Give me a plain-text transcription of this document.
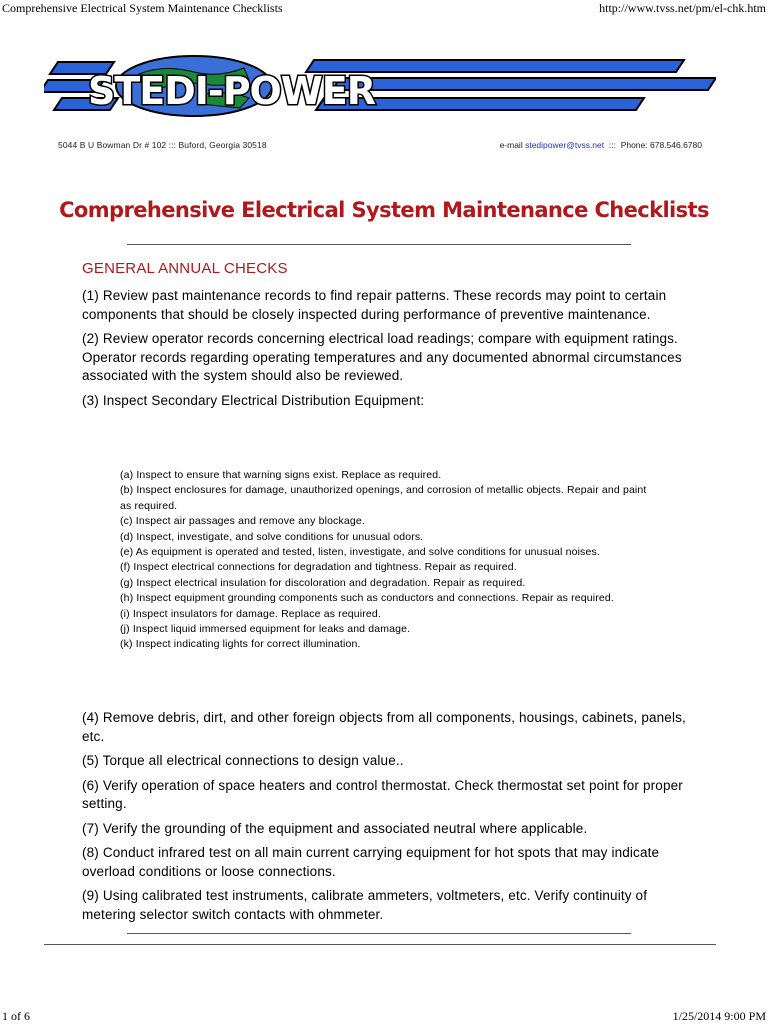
Comprehensive Electrical System Maintenance Checklists	http://www.tvss.net/pm/el-chk.htm
STEDI-POWER
5044 B U Bowman Dr # 102 ::: Buford, Georgia 30518	e-mail stedipower@tvss.net ::: Phone: 678.546.6780
Comprehensive Electrical System Maintenance Checklists
GENERAL ANNUAL CHECKS

(1) Review past maintenance records to find repair patterns. These records may point to certain components that should be closely inspected during performance of preventive maintenance.

(2) Review operator records concerning electrical load readings; compare with equipment ratings. Operator records regarding operating temperatures and any documented abnormal circumstances associated with the system should also be reviewed.

(3) Inspect Secondary Electrical Distribution Equipment:

(a) Inspect to ensure that warning signs exist. Replace as required.
(b) Inspect enclosures for damage, unauthorized openings, and corrosion of metallic objects. Repair and paint as required.
(c) Inspect air passages and remove any blockage.
(d) Inspect, investigate, and solve conditions for unusual odors.
(e) As equipment is operated and tested, listen, investigate, and solve conditions for unusual noises.
(f) Inspect electrical connections for degradation and tightness. Repair as required.
(g) Inspect electrical insulation for discoloration and degradation. Repair as required.
(h) Inspect equipment grounding components such as conductors and connections. Repair as required.
(i) Inspect insulators for damage. Replace as required.
(j) Inspect liquid immersed equipment for leaks and damage.
(k) Inspect indicating lights for correct illumination.

(4) Remove debris, dirt, and other foreign objects from all components, housings, cabinets, panels, etc.

(5) Torque all electrical connections to design value..

(6) Verify operation of space heaters and control thermostat. Check thermostat set point for proper setting.

(7) Verify the grounding of the equipment and associated neutral where applicable.

(8) Conduct infrared test on all main current carrying equipment for hot spots that may indicate overload conditions or loose connections.

(9) Using calibrated test instruments, calibrate ammeters, voltmeters, etc. Verify continuity of metering selector switch contacts with ohmmeter.

1 of 6	1/25/2014 9:00 PM
